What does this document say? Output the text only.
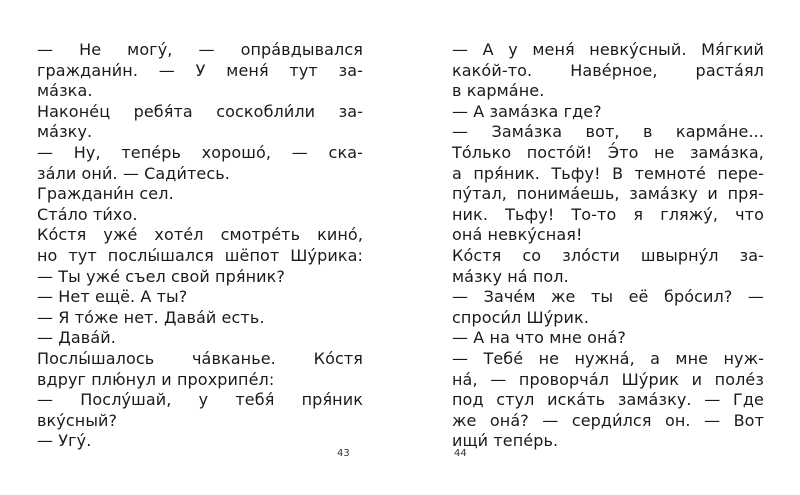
— Не могу́, — опра́вдывался
граждани́н. — У меня́ тут за-
ма́зка.
Наконе́ц ребя́та соскобли́ли за-
ма́зку.
— Ну, тепе́рь хорошо́, — ска-
за́ли они́. — Сади́тесь.
Граждани́н сел.
Ста́ло ти́хо.
Ко́стя уже́ хоте́л смотре́ть кино́,
но тут послы́шался шёпот Шу́рика:
— Ты уже́ съел свой пря́ник?
— Нет ещё. А ты?
— Я то́же нет. Дава́й есть.
— Дава́й.
Послы́шалось ча́вканье. Ко́стя
вдруг плю́нул и прохрипе́л:
— Послу́шай, у тебя́ пря́ник
вку́сный?
— Угу́.
43
— А у меня́ невку́сный. Мя́гкий
како́й-то. Наве́рное, раста́ял
в карма́не.
— А зама́зка где?
— Зама́зка вот, в карма́не...
То́лько посто́й! Э́то не зама́зка,
а пря́ник. Тьфу! В темноте́ пере-
пу́тал, понима́ешь, зама́зку и пря-
ник. Тьфу! То-то я гляжу́, что
она́ невку́сная!
Ко́стя со зло́сти швырну́л за-
ма́зку на́ пол.
— Заче́м же ты её бро́сил? —
спроси́л Шу́рик.
— А на что мне она́?
— Тебе́ не нужна́, а мне нуж-
на́, — проворча́л Шу́рик и поле́з
под стул иска́ть зама́зку. — Где
же она́? — серди́лся он. — Вот
ищи́ тепе́рь.
44
